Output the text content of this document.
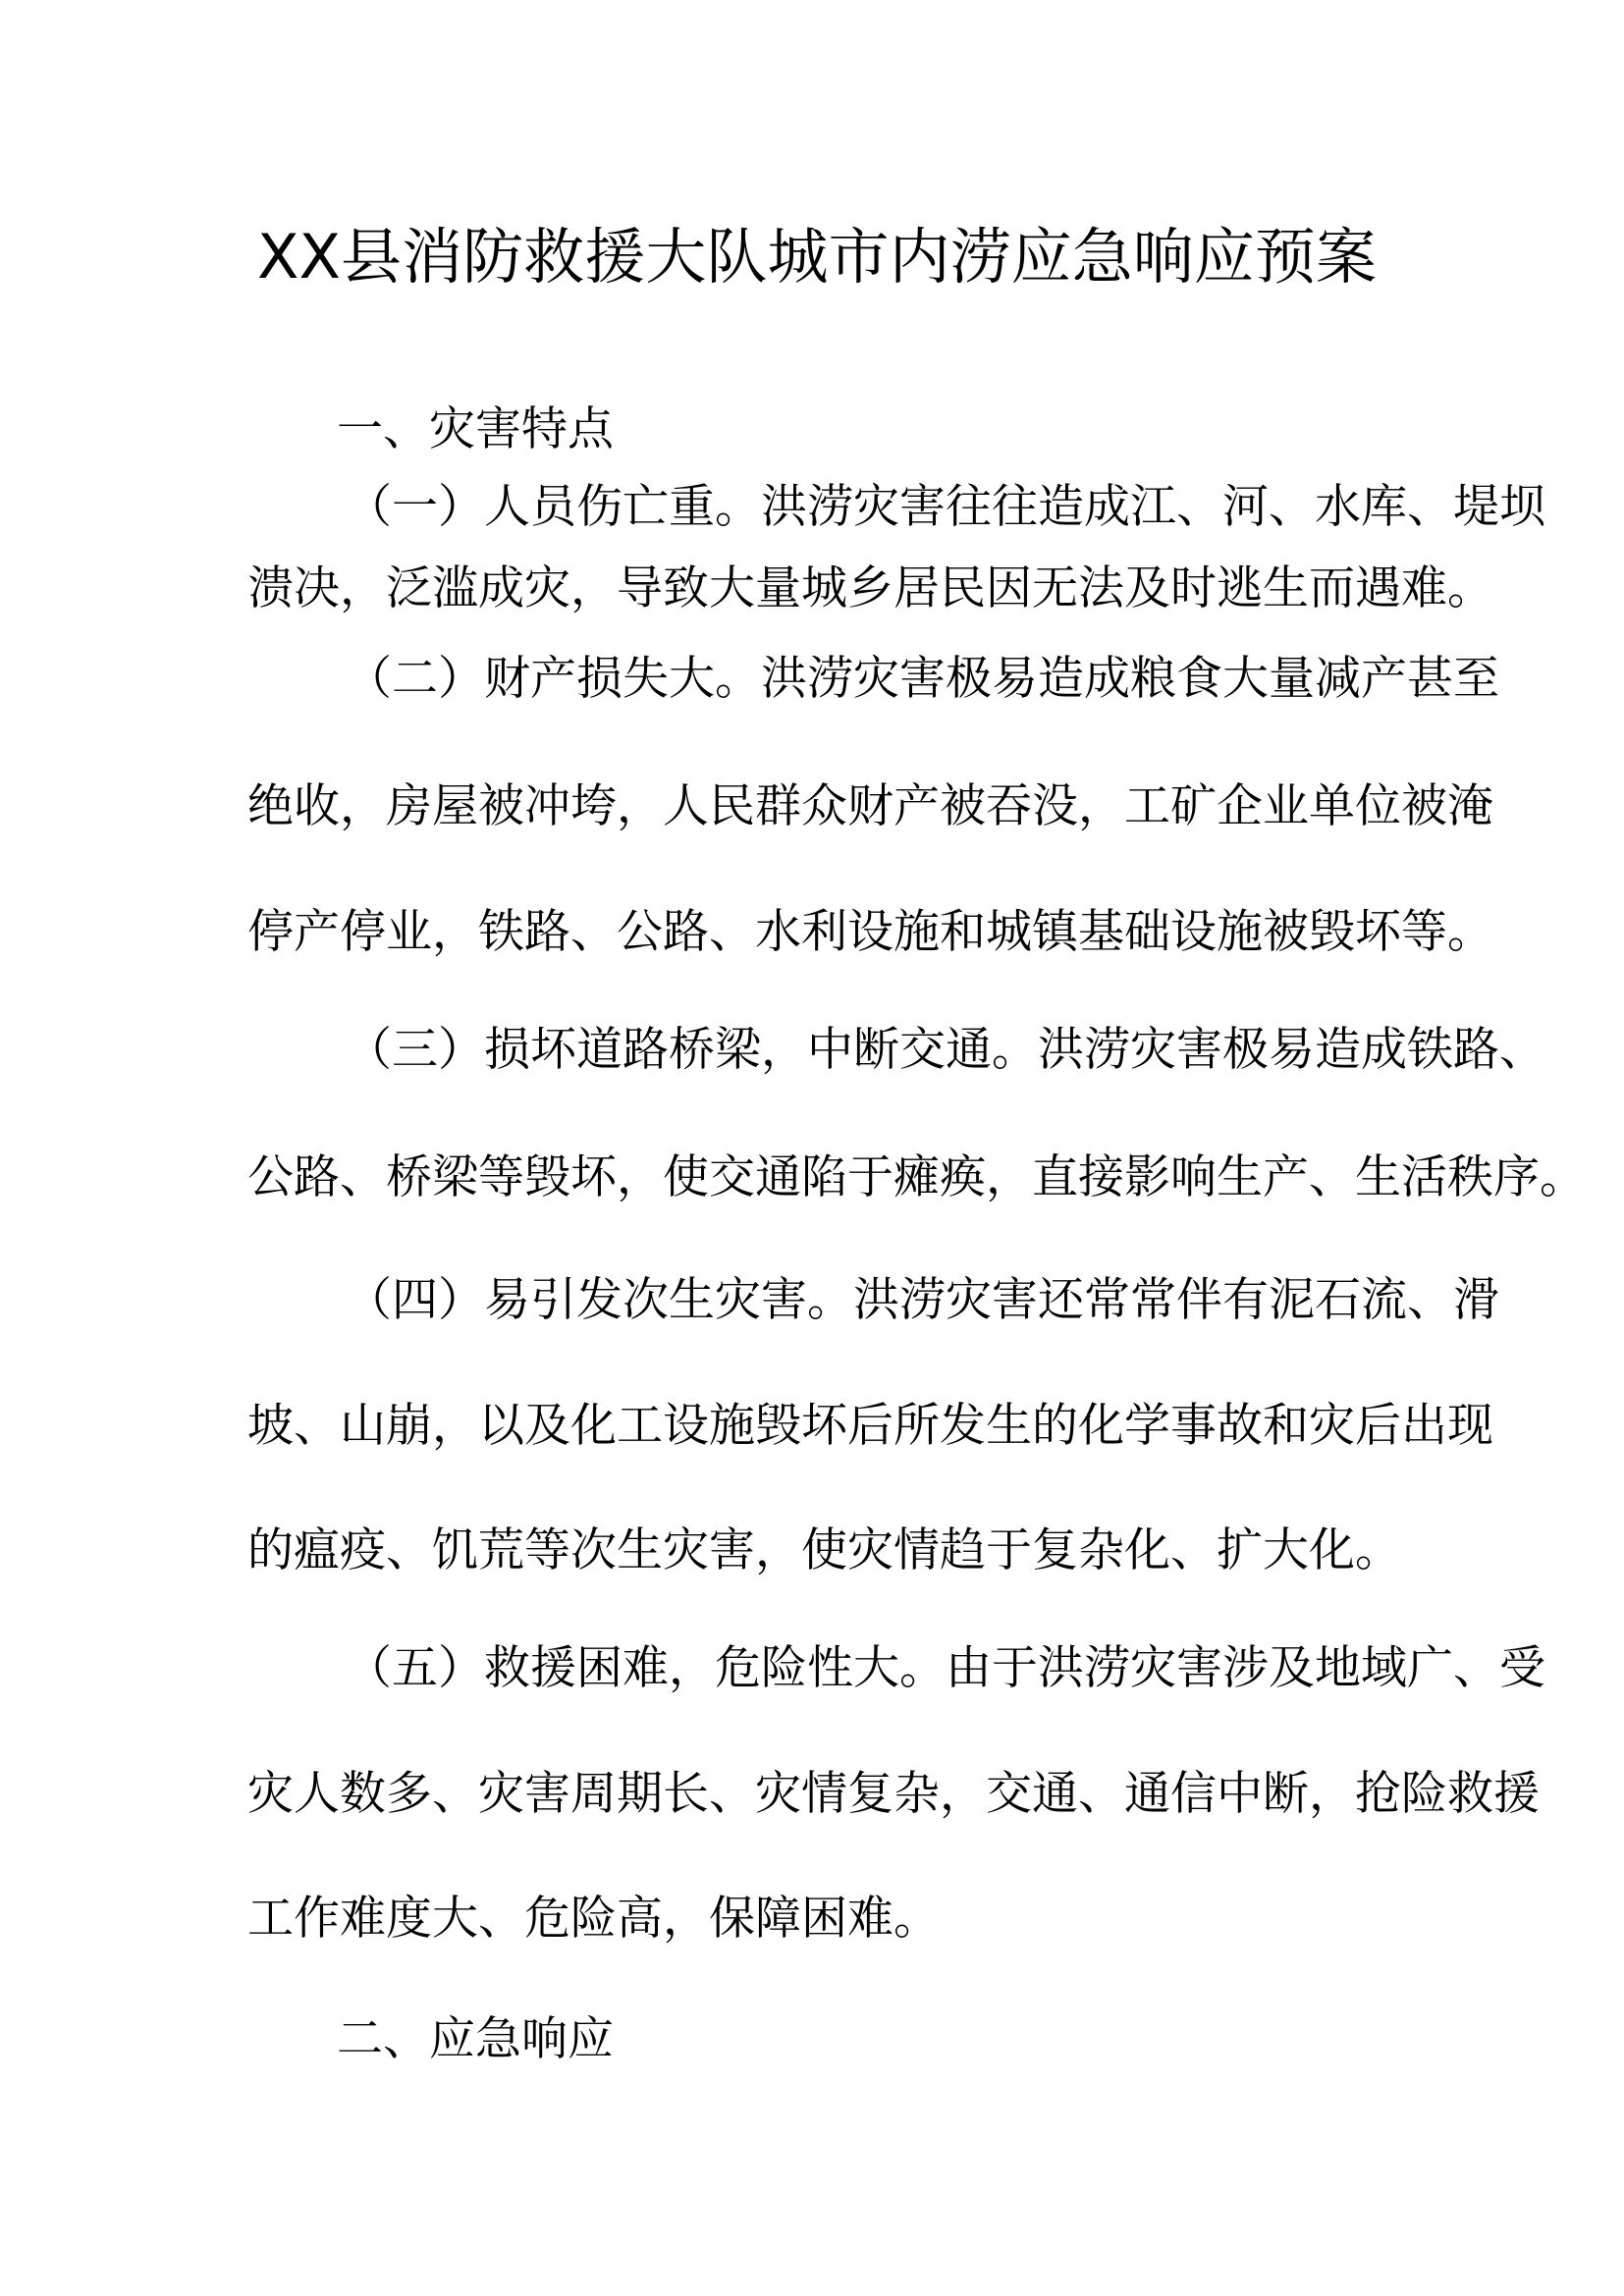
XX县消防救援大队城市内涝应急响应预案
一、灾害特点
（一）人员伤亡重。洪涝灾害往往造成江、河、水库、堤坝
溃决，泛滥成灾，导致大量城乡居民因无法及时逃生而遇难。
（二）财产损失大。洪涝灾害极易造成粮食大量减产甚至
绝收，房屋被冲垮，人民群众财产被吞没，工矿企业单位被淹
停产停业，铁路、公路、水利设施和城镇基础设施被毁坏等。
（三）损坏道路桥梁，中断交通。洪涝灾害极易造成铁路、
公路、桥梁等毁坏，使交通陷于瘫痪，直接影响生产、生活秩序。
（四）易引发次生灾害。洪涝灾害还常常伴有泥石流、滑
坡、山崩，以及化工设施毁坏后所发生的化学事故和灾后出现
的瘟疫、饥荒等次生灾害，使灾情趋于复杂化、扩大化。
（五）救援困难，危险性大。由于洪涝灾害涉及地域广、受
灾人数多、灾害周期长、灾情复杂，交通、通信中断，抢险救援
工作难度大、危险高，保障困难。
二、应急响应
